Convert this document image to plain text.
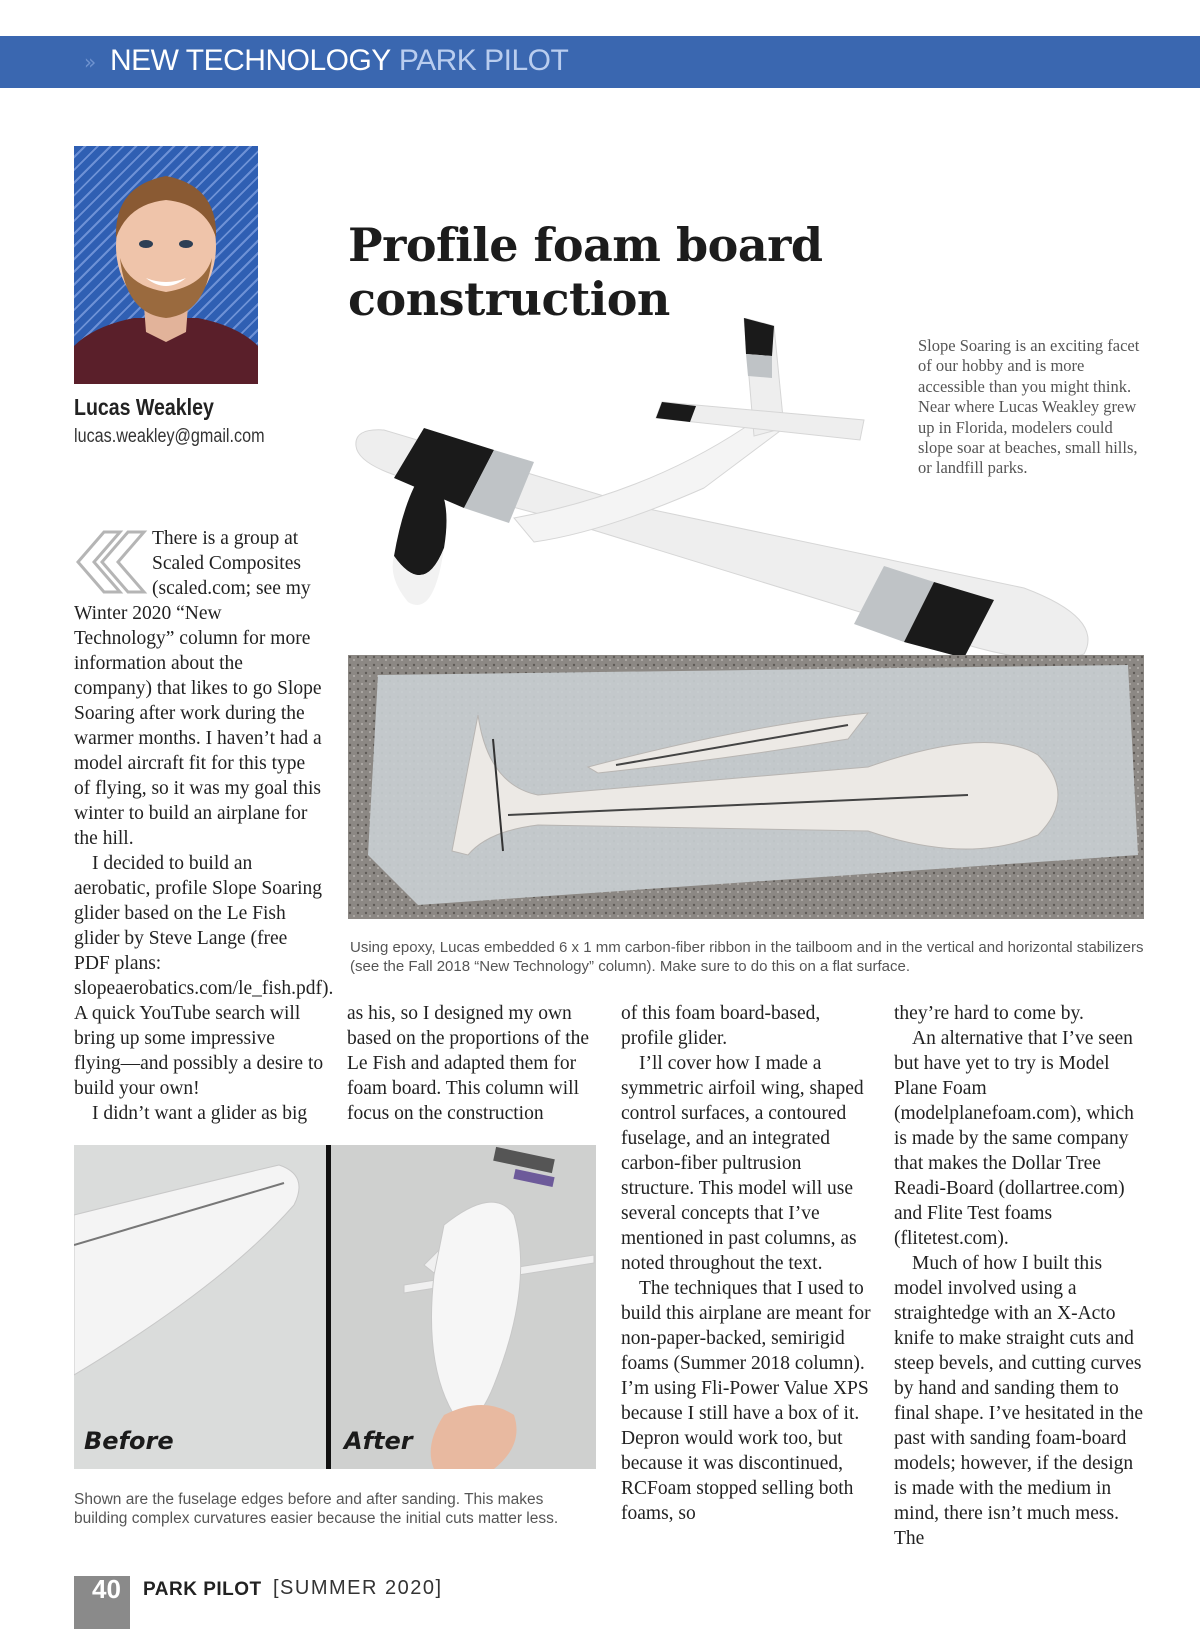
» NEW TECHNOLOGY PARK PILOT
Lucas Weakley
lucas.weakley@gmail.com
Slope Soaring is an exciting facet of our hobby and is more accessible than you might think. Near where Lucas Weakley grew up in Florida, modelers could slope soar at beaches, small hills, or landfill parks.
Profile foam board construction
Using epoxy, Lucas embedded 6 x 1 mm carbon-fiber ribbon in the tailboom and in the vertical and horizontal stabilizers (see the Fall 2018 “New Technology” column). Make sure to do this on a flat surface.

There is a group at Scaled Composites (scaled.com; see my Winter 2020 “New Technology” column for more information about the company) that likes to go Slope Soaring after work during the warmer months. I haven’t had a model aircraft fit for this type of flying, so it was my goal this winter to build an airplane for the hill.

I decided to build an aerobatic, profile Slope Soaring glider based on the Le Fish glider by Steve Lange (free PDF plans: slopeaerobatics.com/le_fish.pdf). A quick YouTube search will bring up some impressive flying—and possibly a desire to build your own!

I didn’t want a glider as big

as his, so I designed my own based on the proportions of the Le Fish and adapted them for foam board. This column will focus on the construction

of this foam board-based, profile glider.

I’ll cover how I made a symmetric airfoil wing, shaped control surfaces, a contoured fuselage, and an integrated carbon-fiber pultrusion structure. This model will use several concepts that I’ve mentioned in past columns, as noted throughout the text.

The techniques that I used to build this airplane are meant for non-paper-backed, semirigid foams (Summer 2018 column). I’m using Fli-Power Value XPS because I still have a box of it. Depron would work too, but because it was discontinued, RCFoam stopped selling both foams, so

they’re hard to come by.

An alternative that I’ve seen but have yet to try is Model Plane Foam (modelplanefoam.com), which is made by the same company that makes the Dollar Tree Readi-Board (dollartree.com) and Flite Test foams (flitetest.com).

Much of how I built this model involved using a straightedge with an X-Acto knife to make straight cuts and steep bevels, and cutting curves by hand and sanding them to final shape. I’ve hesitated in the past with sanding foam-board models; however, if the design is made with the medium in mind, there isn’t much mess. The

Before	After
Shown are the fuselage edges before and after sanding. This makes building complex curvatures easier because the initial cuts matter less.
40 PARK PILOT [SUMMER 2020]
